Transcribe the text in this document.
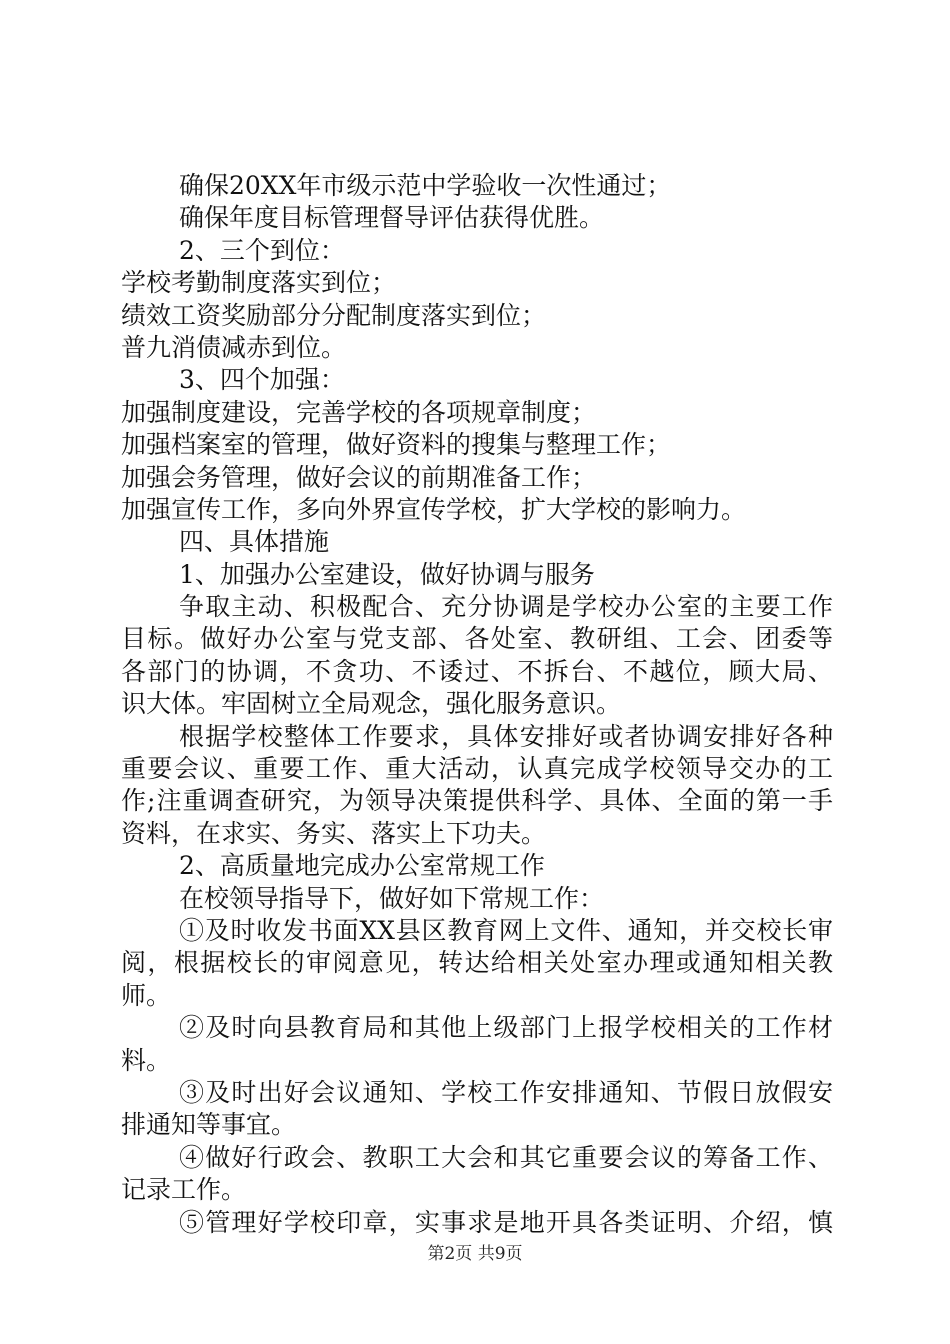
确保20XX年市级示范中学验收一次性通过；
确保年度目标管理督导评估获得优胜。
2、三个到位：
学校考勤制度落实到位；
绩效工资奖励部分分配制度落实到位；
普九消债减赤到位。
3、四个加强：
加强制度建设，完善学校的各项规章制度；
加强档案室的管理，做好资料的搜集与整理工作；
加强会务管理，做好会议的前期准备工作；
加强宣传工作，多向外界宣传学校，扩大学校的影响力。
四、具体措施
1、加强办公室建设，做好协调与服务
争取主动、积极配合、充分协调是学校办公室的主要工作
目标。做好办公室与党支部、各处室、教研组、工会、团委等
各部门的协调，不贪功、不诿过、不拆台、不越位，顾大局、
识大体。牢固树立全局观念，强化服务意识。
根据学校整体工作要求，具体安排好或者协调安排好各种
重要会议、重要工作、重大活动，认真完成学校领导交办的工
作;注重调查研究，为领导决策提供科学、具体、全面的第一手
资料，在求实、务实、落实上下功夫。
2、高质量地完成办公室常规工作
在校领导指导下，做好如下常规工作：
①及时收发书面XX县区教育网上文件、通知，并交校长审
阅，根据校长的审阅意见，转达给相关处室办理或通知相关教
师。
②及时向县教育局和其他上级部门上报学校相关的工作材
料。
③及时出好会议通知、学校工作安排通知、节假日放假安
排通知等事宜。
④做好行政会、教职工大会和其它重要会议的筹备工作、
记录工作。
⑤管理好学校印章，实事求是地开具各类证明、介绍，慎
第2页 共9页
